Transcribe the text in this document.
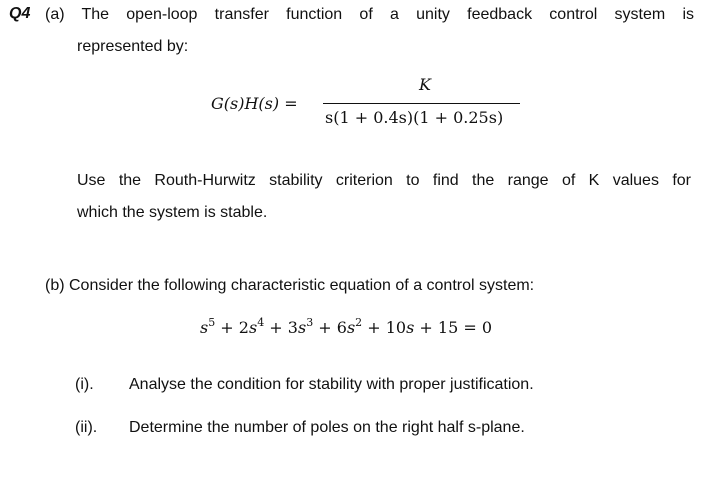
Q4 (a) The open-loop transfer function of a unity feedback control system is
represented by:
G(s)H(s) =
K
s(1 + 0.4s)(1 + 0.25s)
Use the Routh-Hurwitz stability criterion to find the range of K values for
which the system is stable.
(b) Consider the following characteristic equation of a control system:
$s^5 + 2s^4 + 3s^3 + 6s^2 + 10s + 15 = 0$
(i). Analyse the condition for stability with proper justification.
(ii). Determine the number of poles on the right half s-plane.
